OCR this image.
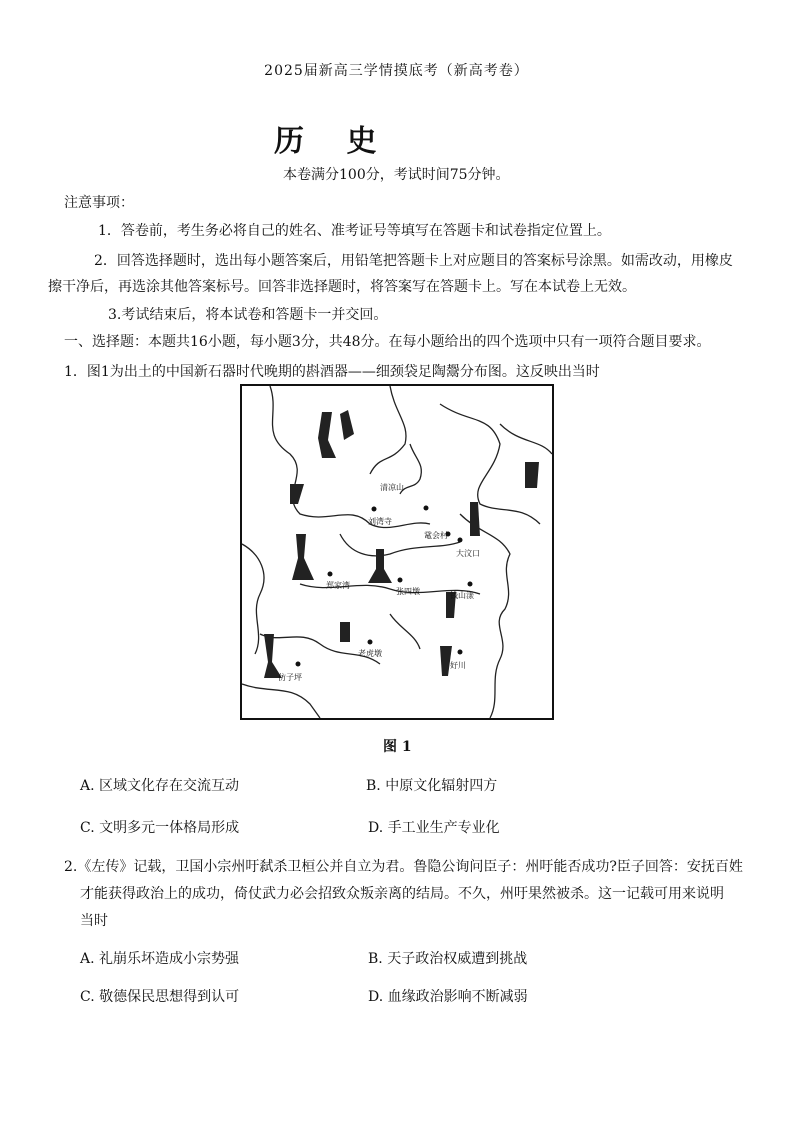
2025届新高三学情摸底考（新高考卷）
历 史
本卷满分100分，考试时间75分钟。
注意事项：
1．答卷前，考生务必将自己的姓名、准考证号等填写在答题卡和试卷指定位置上。
2．回答选择题时，选出每小题答案后，用铅笔把答题卡上对应题目的答案标号涂黑。如需改动，用橡皮
擦干净后，再选涂其他答案标号。回答非选择题时，将答案写在答题卡上。写在本试卷上无效。
3.考试结束后，将本试卷和答题卡一并交回。
一、选择题：本题共16小题，每小题3分，共48分。在每小题给出的四个选项中只有一项符合题目要求。
1．图1为出土的中国新石器时代晚期的斟酒器——细颈袋足陶鬶分布图。这反映出当时
清凉山
刘湾寺
鼋会村
大汶口
郑家湾
张四墩	钱山漾
老虎墩
好川
仿子坪
图 1
A. 区域文化存在交流互动	B. 中原文化辐射四方
C. 文明多元一体格局形成	D. 手工业生产专业化
2.《左传》记载，卫国小宗州吁弑杀卫桓公并自立为君。鲁隐公询问臣子：州吁能否成功?臣子回答：安抚百姓
才能获得政治上的成功，倚仗武力必会招致众叛亲离的结局。不久，州吁果然被杀。这一记载可用来说明
当时
A. 礼崩乐坏造成小宗势强	B. 天子政治权威遭到挑战
C. 敬德保民思想得到认可	D. 血缘政治影响不断减弱
